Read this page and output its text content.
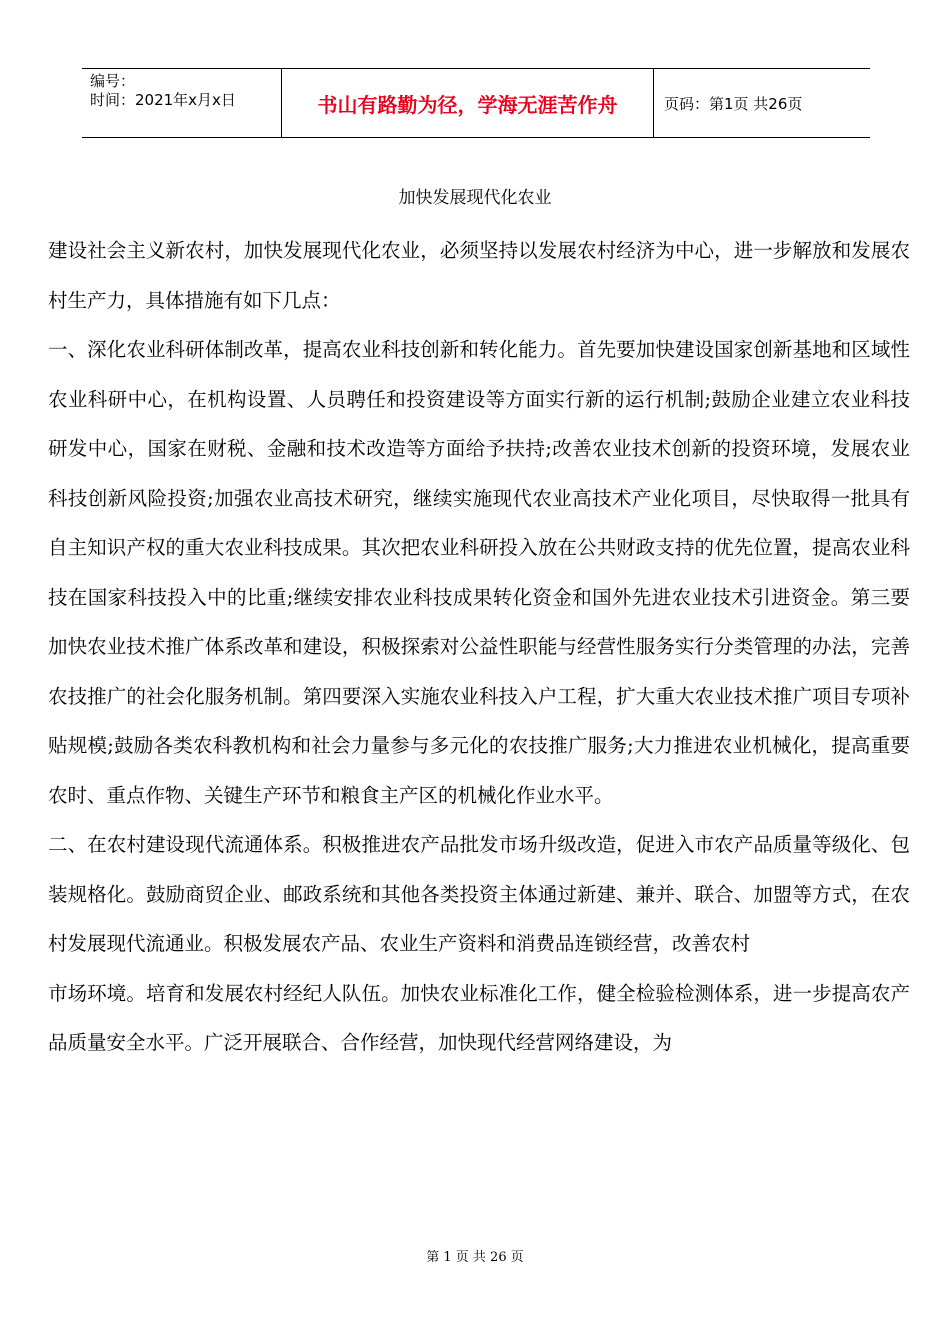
编号：
时间：2021年x月x日	书山有路勤为径，学海无涯苦作舟	页码：第1页 共26页
加快发展现代化农业

建设社会主义新农村，加快发展现代化农业，必须坚持以发展农村经济为中心，进一步解放和发展农村生产力，具体措施有如下几点：

一、深化农业科研体制改革，提高农业科技创新和转化能力。首先要加快建设国家创新基地和区域性农业科研中心，在机构设置、人员聘任和投资建设等方面实行新的运行机制;鼓励企业建立农业科技研发中心，国家在财税、金融和技术改造等方面给予扶持;改善农业技术创新的投资环境，发展农业科技创新风险投资;加强农业高技术研究，继续实施现代农业高技术产业化项目，尽快取得一批具有自主知识产权的重大农业科技成果。其次把农业科研投入放在公共财政支持的优先位置，提高农业科技在国家科技投入中的比重;继续安排农业科技成果转化资金和国外先进农业技术引进资金。第三要加快农业技术推广体系改革和建设，积极探索对公益性职能与经营性服务实行分类管理的办法，完善农技推广的社会化服务机制。第四要深入实施农业科技入户工程，扩大重大农业技术推广项目专项补贴规模;鼓励各类农科教机构和社会力量参与多元化的农技推广服务;大力推进农业机械化，提高重要农时、重点作物、关键生产环节和粮食主产区的机械化作业水平。

二、在农村建设现代流通体系。积极推进农产品批发市场升级改造，促进入市农产品质量等级化、包装规格化。鼓励商贸企业、邮政系统和其他各类投资主体通过新建、兼并、联合、加盟等方式，在农村发展现代流通业。积极发展农产品、农业生产资料和消费品连锁经营，改善农村

市场环境。培育和发展农村经纪人队伍。加快农业标准化工作，健全检验检测体系，进一步提高农产品质量安全水平。广泛开展联合、合作经营，加快现代经营网络建设，为

第 1 页 共 26 页
